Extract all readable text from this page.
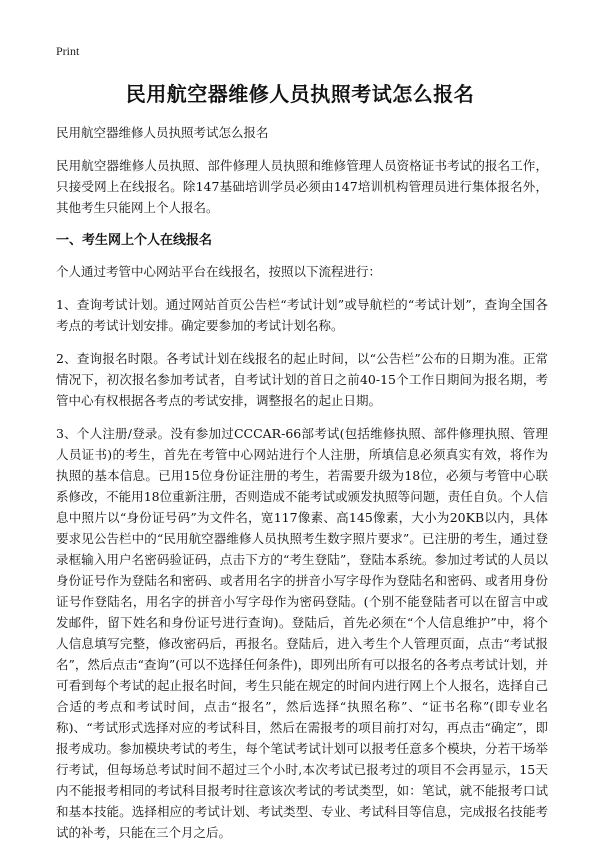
Print
民用航空器维修人员执照考试怎么报名

民用航空器维修人员执照考试怎么报名

民用航空器维修人员执照、部件修理人员执照和维修管理人员资格证书考试的报名工作，只接受网上在线报名。除147基础培训学员必须由147培训机构管理员进行集体报名外，其他考生只能网上个人报名。

一、考生网上个人在线报名

个人通过考管中心网站平台在线报名，按照以下流程进行：

1、查询考试计划。通过网站首页公告栏“考试计划”或导航栏的“考试计划”，查询全国各考点的考试计划安排。确定要参加的考试计划名称。

2、查询报名时限。各考试计划在线报名的起止时间，以“公告栏”公布的日期为准。正常情况下，初次报名参加考试者，自考试计划的首日之前40-15个工作日期间为报名期，考管中心有权根据各考点的考试安排，调整报名的起止日期。

3、个人注册/登录。没有参加过CCCAR-66部考试(包括维修执照、部件修理执照、管理人员证书)的考生，首先在考管中心网站进行个人注册，所填信息必须真实有效，将作为执照的基本信息。已用15位身份证注册的考生，若需要升级为18位，必须与考管中心联系修改，不能用18位重新注册，否则造成不能考试或颁发执照等问题，责任自负。个人信息中照片以“身份证号码”为文件名，宽117像素、高145像素，大小为20KB以内，具体要求见公告栏中的“民用航空器维修人员执照考生数字照片要求”。已注册的考生，通过登录框输入用户名密码验证码，点击下方的“考生登陆”，登陆本系统。参加过考试的人员以身份证号作为登陆名和密码、或者用名字的拼音小写字母作为登陆名和密码、或者用身份证号作登陆名，用名字的拼音小写字母作为密码登陆。(个别不能登陆者可以在留言中或发邮件，留下姓名和身份证号进行查询)。登陆后，首先必须在“个人信息维护”中，将个人信息填写完整，修改密码后，再报名。登陆后，进入考生个人管理页面，点击“考试报名”，然后点击“查询”(可以不选择任何条件)，即列出所有可以报名的各考点考试计划，并可看到每个考试的起止报名时间，考生只能在规定的时间内进行网上个人报名，选择自己合适的考点和考试时间，点击“报名”，然后选择“执照名称”、“证书名称”(即专业名称)、“考试形式选择对应的考试科目，然后在需报考的项目前打对勾，再点击“确定”，即报考成功。参加模块考试的考生，每个笔试考试计划可以报考任意多个模块，分若干场举行考试，但每场总考试时间不超过三个小时,本次考试已报考过的项目不会再显示，15天内不能报考相同的考试科目报考时往意该次考试的考试类型，如：笔试，就不能报考口试和基本技能。选择相应的考试计划、考试类型、专业、考试科目等信息，完成报名技能考试的补考，只能在三个月之后。
